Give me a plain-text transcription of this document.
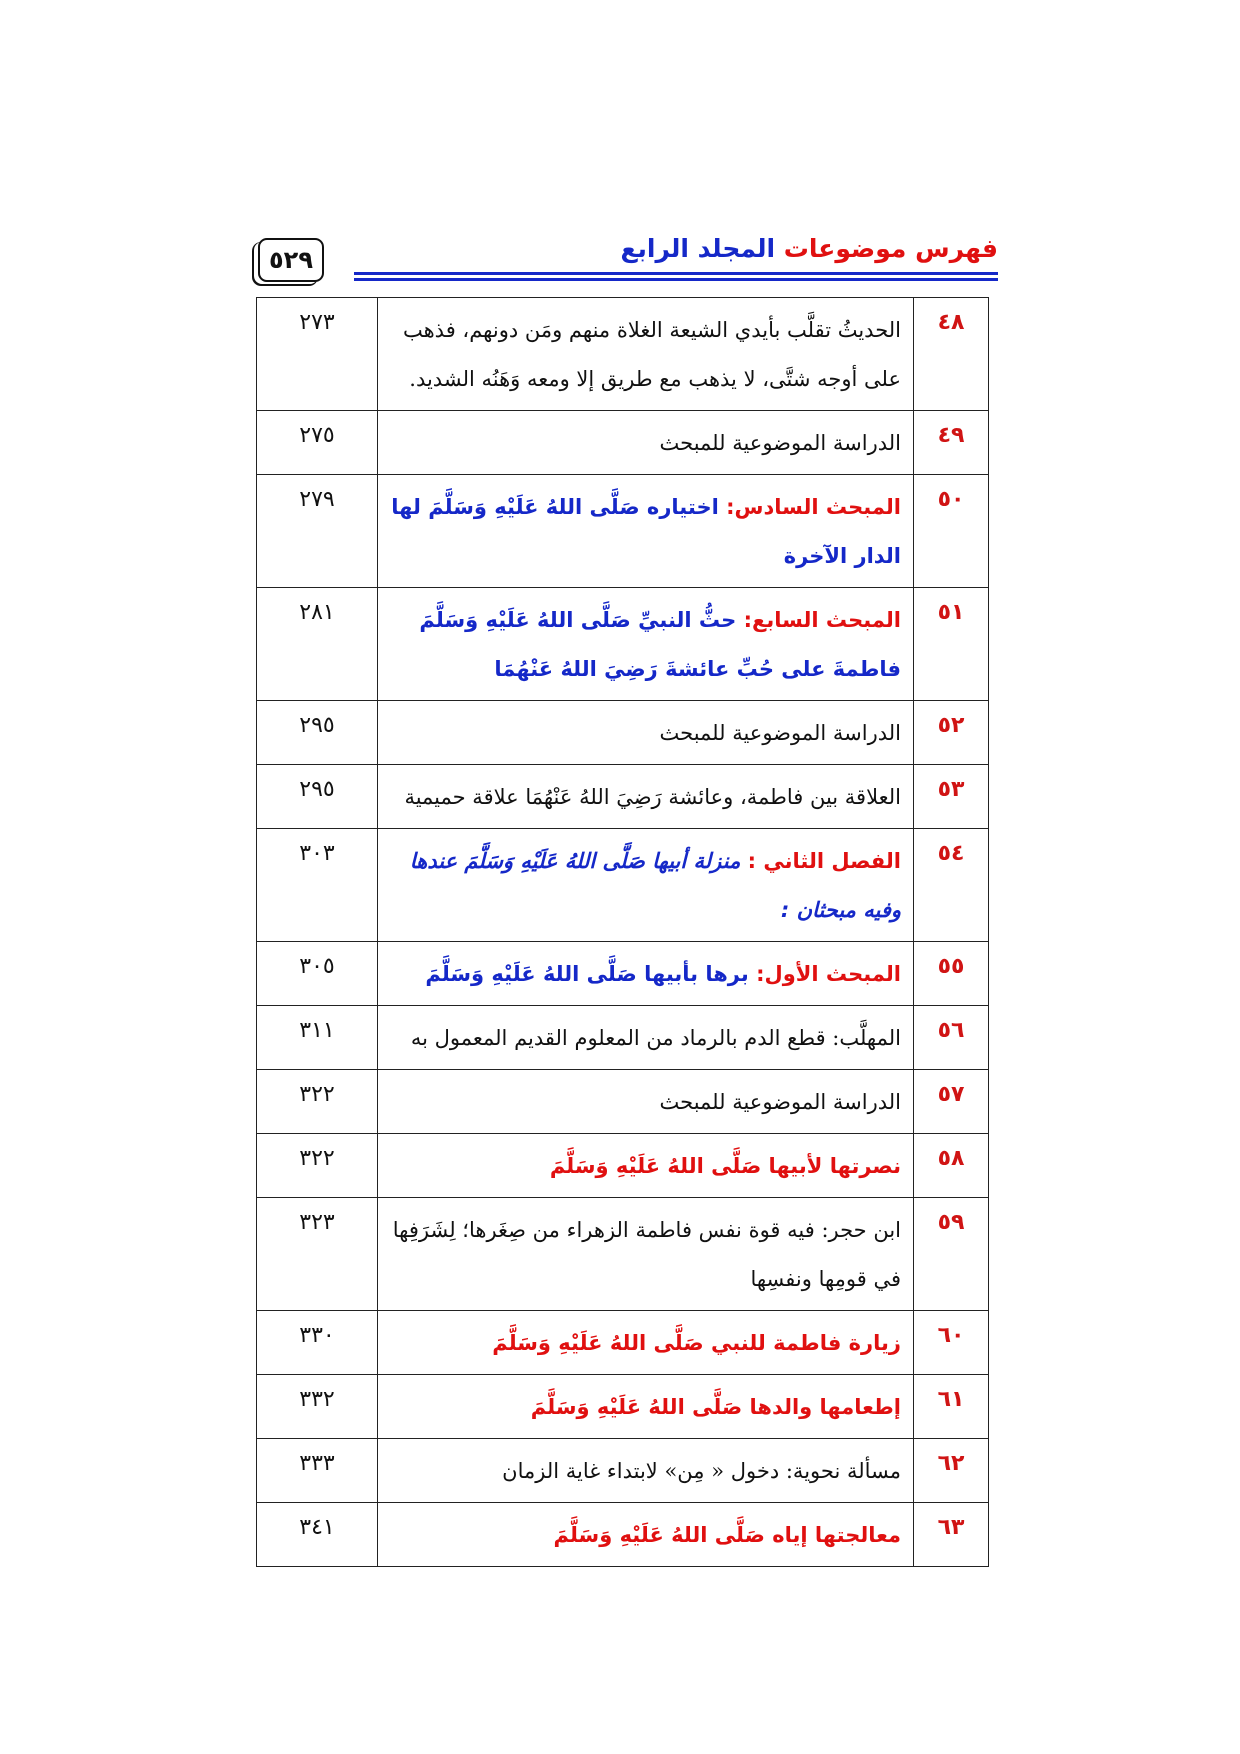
٥٢٩	فهرس موضوعات المجلد الرابع
٤٨	الحديثُ تقلَّب بأيدي الشيعة الغلاة منهم ومَن دونهم، فذهب على أوجه شتَّى، لا يذهب مع طريق إلا ومعه وَهَنُه الشديد.	٢٧٣
٤٩	الدراسة الموضوعية للمبحث	٢٧٥
٥٠	المبحث السادس: اختياره صَلَّى اللهُ عَلَيْهِ وَسَلَّمَ لها الدار الآخرة	٢٧٩
٥١	المبحث السابع: حثُّ النبيِّ صَلَّى اللهُ عَلَيْهِ وَسَلَّمَ فاطمةَ على حُبِّ عائشةَ رَضِيَ اللهُ عَنْهُمَا	٢٨١
٥٢	الدراسة الموضوعية للمبحث	٢٩٥
٥٣	العلاقة بين فاطمة، وعائشة رَضِيَ اللهُ عَنْهُمَا علاقة حميمية	٢٩٥
٥٤	الفصل الثاني : منزلة أبيها صَلَّى اللهُ عَلَيْهِ وَسَلَّمَ عندها وفيه مبحثان :	٣٠٣
٥٥	المبحث الأول: برها بأبيها صَلَّى اللهُ عَلَيْهِ وَسَلَّمَ	٣٠٥
٥٦	المهلَّب: قطع الدم بالرماد من المعلوم القديم المعمول به	٣١١
٥٧	الدراسة الموضوعية للمبحث	٣٢٢
٥٨	نصرتها لأبيها صَلَّى اللهُ عَلَيْهِ وَسَلَّمَ	٣٢٢
٥٩	ابن حجر: فيه قوة نفس فاطمة الزهراء من صِغَرها؛ لِشَرَفِها في قومِها ونفسِها	٣٢٣
٦٠	زيارة فاطمة للنبي صَلَّى اللهُ عَلَيْهِ وَسَلَّمَ	٣٣٠
٦١	إطعامها والدها صَلَّى اللهُ عَلَيْهِ وَسَلَّمَ	٣٣٢
٦٢	مسألة نحوية: دخول « مِن» لابتداء غاية الزمان	٣٣٣
٦٣	معالجتها إياه صَلَّى اللهُ عَلَيْهِ وَسَلَّمَ	٣٤١
